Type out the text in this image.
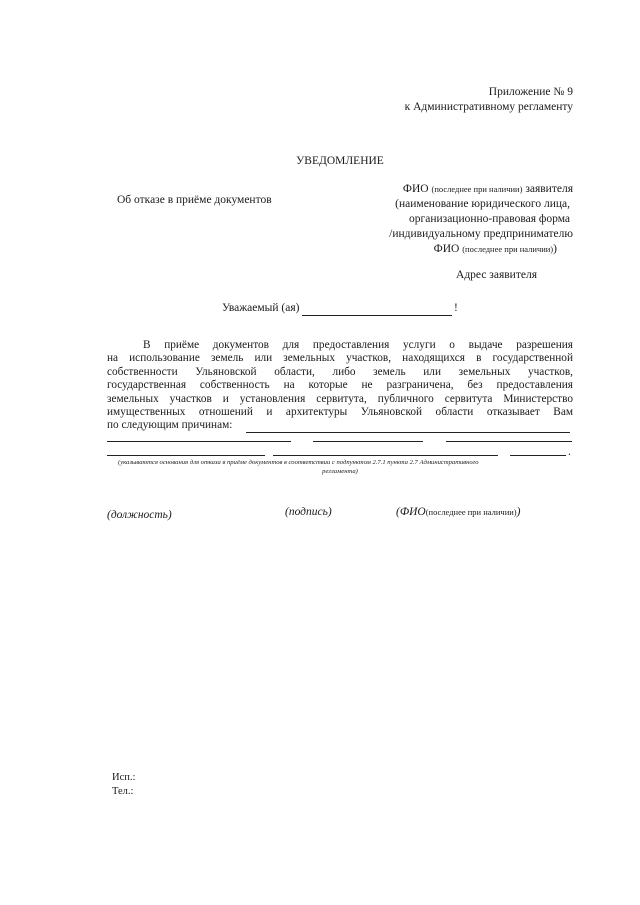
Приложение № 9
к Административному регламенту
УВЕДОМЛЕНИЕ
Об отказе в приёме документов
ФИО (последнее при наличии) заявителя
(наименование юридического лица,
организационно-правовая форма
/индивидуальному предпринимателю
ФИО (последнее при наличии))
Адрес заявителя
Уважаемый (ая)	!
В приёме документов для предоставления услуги о выдаче разрешения
на использование земель или земельных участков, находящихся в государственной
собственности Ульяновской области, либо земель или земельных участков,
государственная собственность на которые не разграничена, без предоставления
земельных участков и установления сервитута, публичного сервитута Министерство
имущественных отношений и архитектуры Ульяновской области отказывает Вам
по следующим причинам:
.
(указываются основания для отказа в приёме документов в соответствии с подпунктом 2.7.1 пункта 2.7 Административного
регламента)
(должность)	(подпись)	(ФИО(последнее при наличии))
Исп.:
Тел.:
